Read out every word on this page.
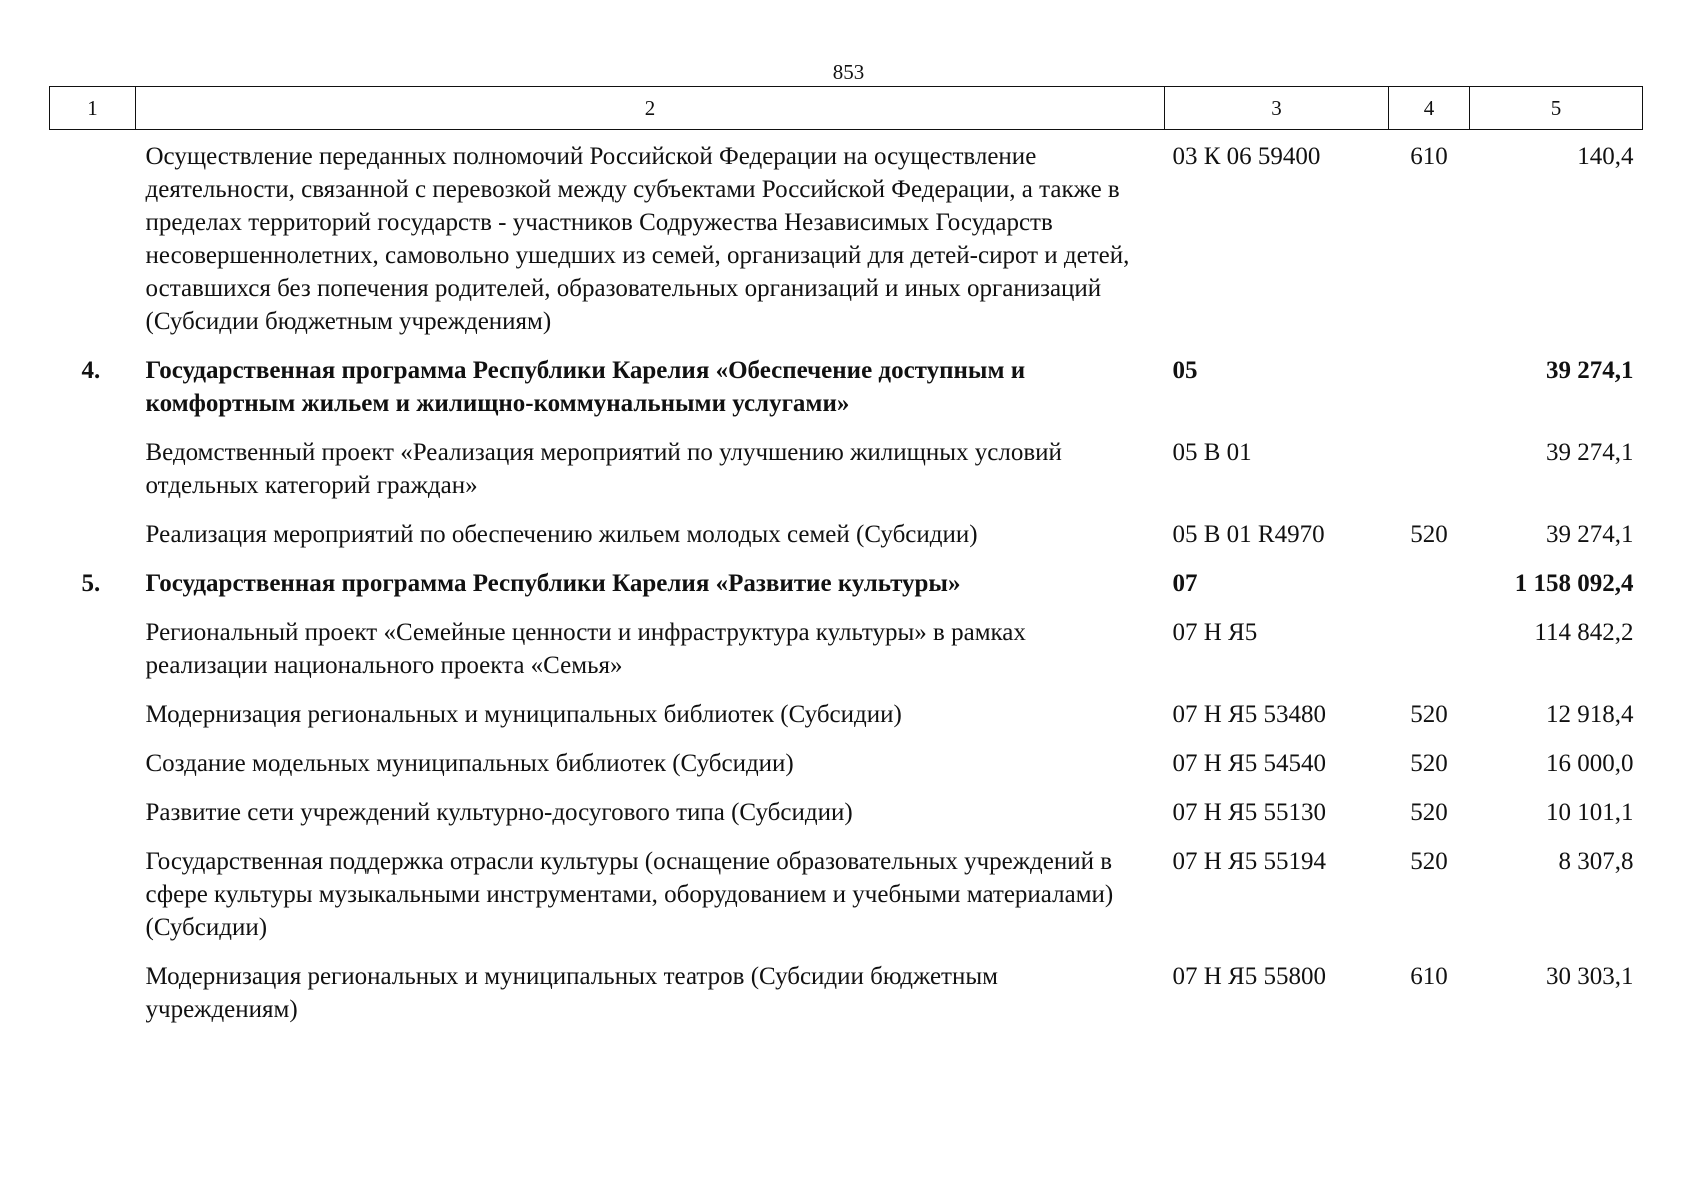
853
1	2	3	4	5
	Осуществление переданных полномочий Российской Федерации на осуществление деятельности, связанной с перевозкой между субъектами Российской Федерации, а также в пределах территорий государств - участников Содружества Независимых Государств несовершеннолетних, самовольно ушедших из семей, организаций для детей-сирот и детей, оставшихся без попечения родителей, образовательных организаций и иных организаций (Субсидии бюджетным учреждениям)	03 К 06 59400	610	140,4
4.	Государственная программа Республики Карелия «Обеспечение доступным и комфортным жильем и жилищно-коммунальными услугами»	05		39 274,1
	Ведомственный проект «Реализация мероприятий по улучшению жилищных условий отдельных категорий граждан»	05 В 01		39 274,1
	Реализация мероприятий по обеспечению жильем молодых семей (Субсидии)	05 В 01 R4970	520	39 274,1
5.	Государственная программа Республики Карелия «Развитие культуры»	07		1 158 092,4
	Региональный проект «Семейные ценности и инфраструктура культуры» в рамках реализации национального проекта «Семья»	07 Н Я5		114 842,2
	Модернизация региональных и муниципальных библиотек (Субсидии)	07 Н Я5 53480	520	12 918,4
	Создание модельных муниципальных библиотек (Субсидии)	07 Н Я5 54540	520	16 000,0
	Развитие сети учреждений культурно-досугового типа (Субсидии)	07 Н Я5 55130	520	10 101,1
	Государственная поддержка отрасли культуры (оснащение образовательных учреждений в сфере культуры музыкальными инструментами, оборудованием и учебными материалами) (Субсидии)	07 Н Я5 55194	520	8 307,8
	Модернизация региональных и муниципальных театров (Субсидии бюджетным учреждениям)	07 Н Я5 55800	610	30 303,1
